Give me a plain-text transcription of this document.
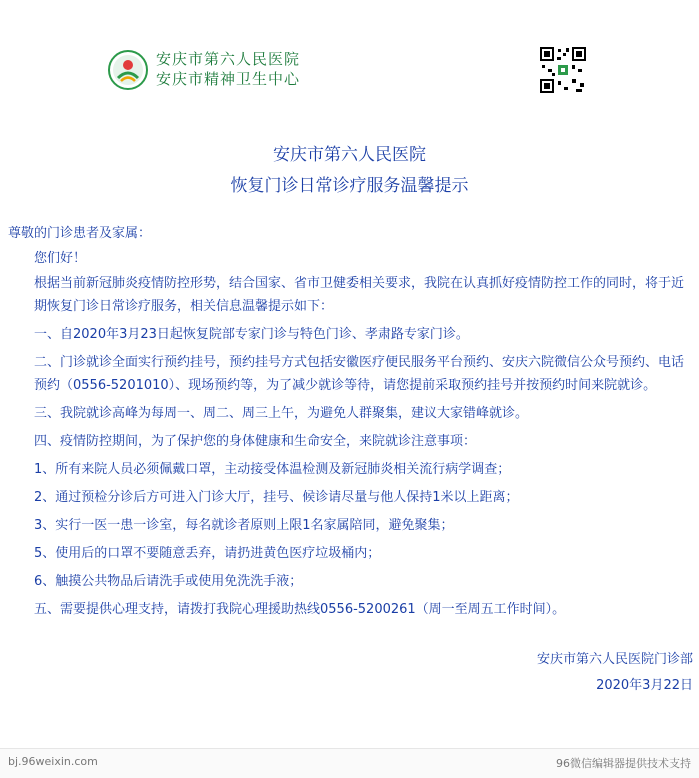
安庆市第六人民医院
安庆市精神卫生中心
安庆市第六人民医院
恢复门诊日常诊疗服务温馨提示

尊敬的门诊患者及家属：

您们好！

根据当前新冠肺炎疫情防控形势，结合国家、省市卫健委相关要求，我院在认真抓好疫情防控工作的同时，将于近期恢复门诊日常诊疗服务，相关信息温馨提示如下：

一、自2020年3月23日起恢复院部专家门诊与特色门诊、孝肃路专家门诊。

二、门诊就诊全面实行预约挂号，预约挂号方式包括安徽医疗便民服务平台预约、安庆六院微信公众号预约、电话预约（0556-5201010）、现场预约等，为了减少就诊等待，请您提前采取预约挂号并按预约时间来院就诊。

三、我院就诊高峰为每周一、周二、周三上午，为避免人群聚集，建议大家错峰就诊。

四、疫情防控期间，为了保护您的身体健康和生命安全，来院就诊注意事项：

1、所有来院人员必须佩戴口罩，主动接受体温检测及新冠肺炎相关流行病学调查；

2、通过预检分诊后方可进入门诊大厅，挂号、候诊请尽量与他人保持1米以上距离；

3、实行一医一患一诊室，每名就诊者原则上限1名家属陪同，避免聚集；

5、使用后的口罩不要随意丢弃，请扔进黄色医疗垃圾桶内；

6、触摸公共物品后请洗手或使用免洗洗手液；

五、需要提供心理支持，请拨打我院心理援助热线0556-5200261（周一至周五工作时间）。

安庆市第六人民医院门诊部
2020年3月22日
bj.96weixin.com	96微信编辑器提供技术支持
